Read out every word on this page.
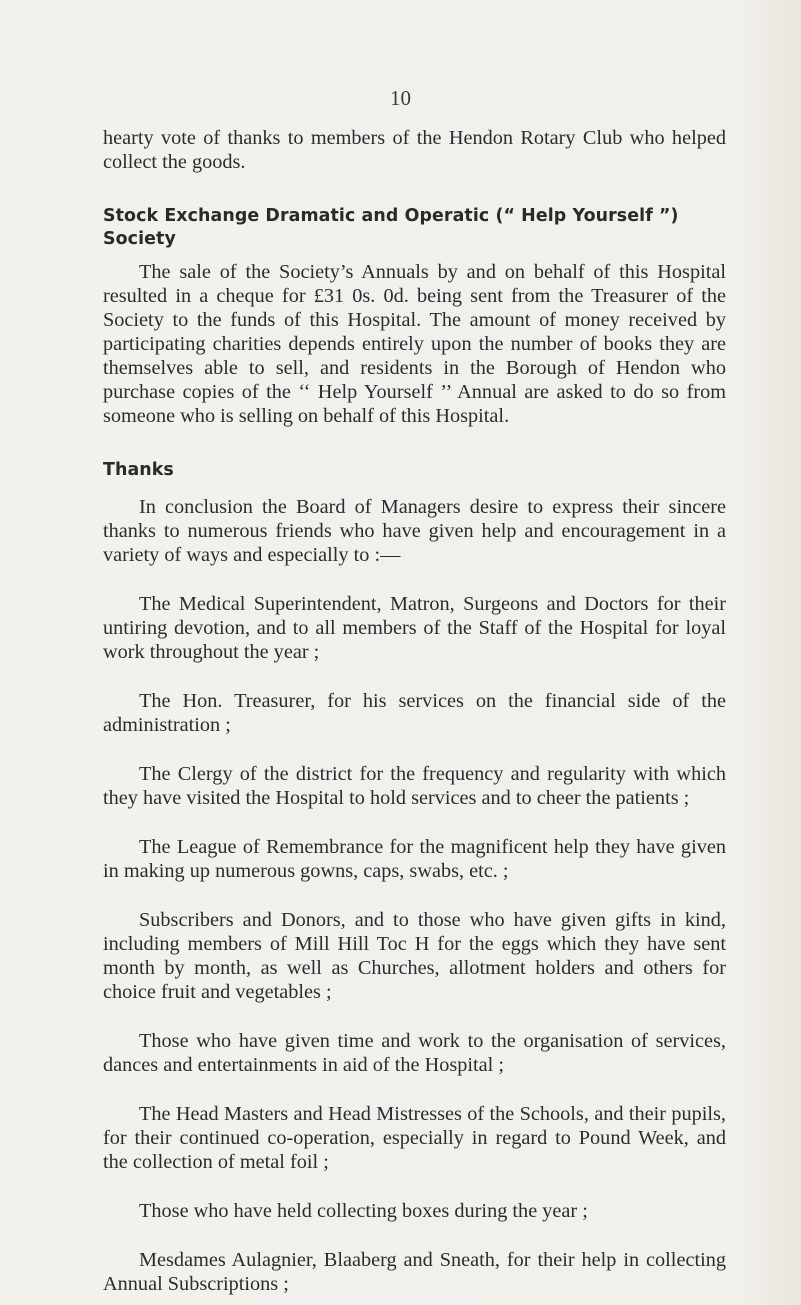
10

hearty vote of thanks to members of the Hendon Rotary Club who helped collect the goods.

Stock Exchange Dramatic and Operatic (“ Help Yourself ”) Society

The sale of the Society’s Annuals by and on behalf of this Hospital resulted in a cheque for £31 0s. 0d. being sent from the Treasurer of the Society to the funds of this Hospital. The amount of money received by participating charities depends entirely upon the number of books they are themselves able to sell, and residents in the Borough of Hendon who purchase copies of the ‘‘ Help Yourself ’’ Annual are asked to do so from someone who is selling on behalf of this Hospital.

Thanks

In conclusion the Board of Managers desire to express their sincere thanks to numerous friends who have given help and encouragement in a variety of ways and especially to :—

The Medical Superintendent, Matron, Surgeons and Doctors for their untiring devotion, and to all members of the Staff of the Hospital for loyal work throughout the year ;

The Hon. Treasurer, for his services on the financial side of the administration ;

The Clergy of the district for the frequency and regularity with which they have visited the Hospital to hold services and to cheer the patients ;

The League of Remembrance for the magnificent help they have given in making up numerous gowns, caps, swabs, etc. ;

Subscribers and Donors, and to those who have given gifts in kind, including members of Mill Hill Toc H for the eggs which they have sent month by month, as well as Churches, allotment holders and others for choice fruit and vegetables ;

Those who have given time and work to the organisation of services, dances and entertainments in aid of the Hospital ;

The Head Masters and Head Mistresses of the Schools, and their pupils, for their continued co-operation, especially in regard to Pound Week, and the collection of metal foil ;

Those who have held collecting boxes during the year ;

Mesdames Aulagnier, Blaaberg and Sneath, for their help in collecting Annual Subscriptions ;
